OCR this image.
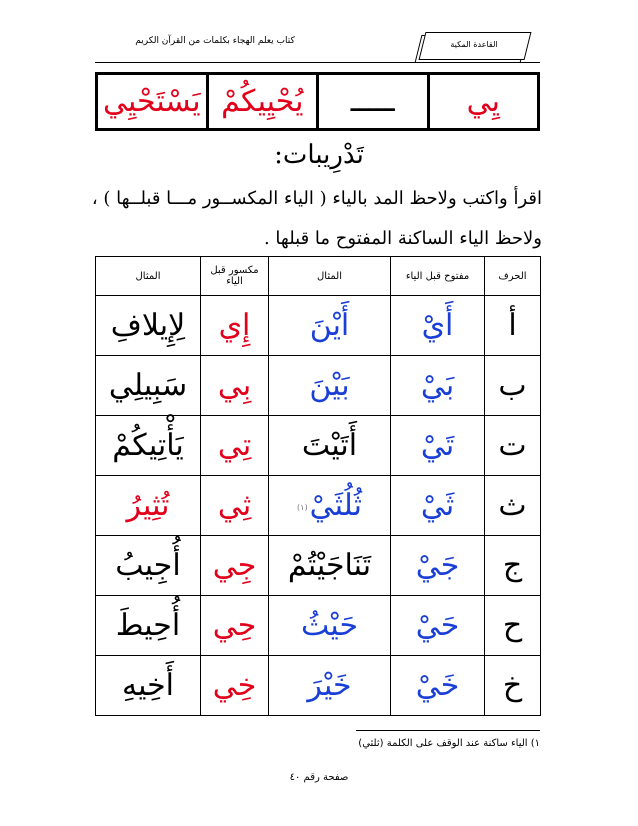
كتاب يعلم الهجاء بكلمات من القرآن الكريم	القاعدة المكية
يِي	ـــــ	يُحْيِيكُمْ	يَسْتَحْيِي
تَدْرِيبات:
اقرأ واكتب ولاحظ المد بالياء ( الياء المكســور مـــا قبلــها ) ،
ولاحظ الياء الساكنة المفتوح ما قبلها .
الحرف	مفتوح قبل الياء	المثال	مكسور قبل الياء	المثال
أ	أَيْ	أَيْنَ	إِي	لِإِيلافِ
ب	بَيْ	بَيْنَ	بِي	سَبِيلِي
ت	تَيْ	أَتَيْتَ	تِي	يَأْتِيكُمْ
ث	ثَيْ	ثُلُثَيْ(١)	ثِي	تُثِيرُ
ج	جَيْ	تَنَاجَيْتُمْ	جِي	أُجِيبُ
ح	حَيْ	حَيْثُ	حِي	أُحِيطَ
خ	خَيْ	خَيْرَ	خِي	أَخِيهِ
١) الياء ساكنة عند الوقف على الكلمة (ثلثي)
صفحة رقم ٤٠
